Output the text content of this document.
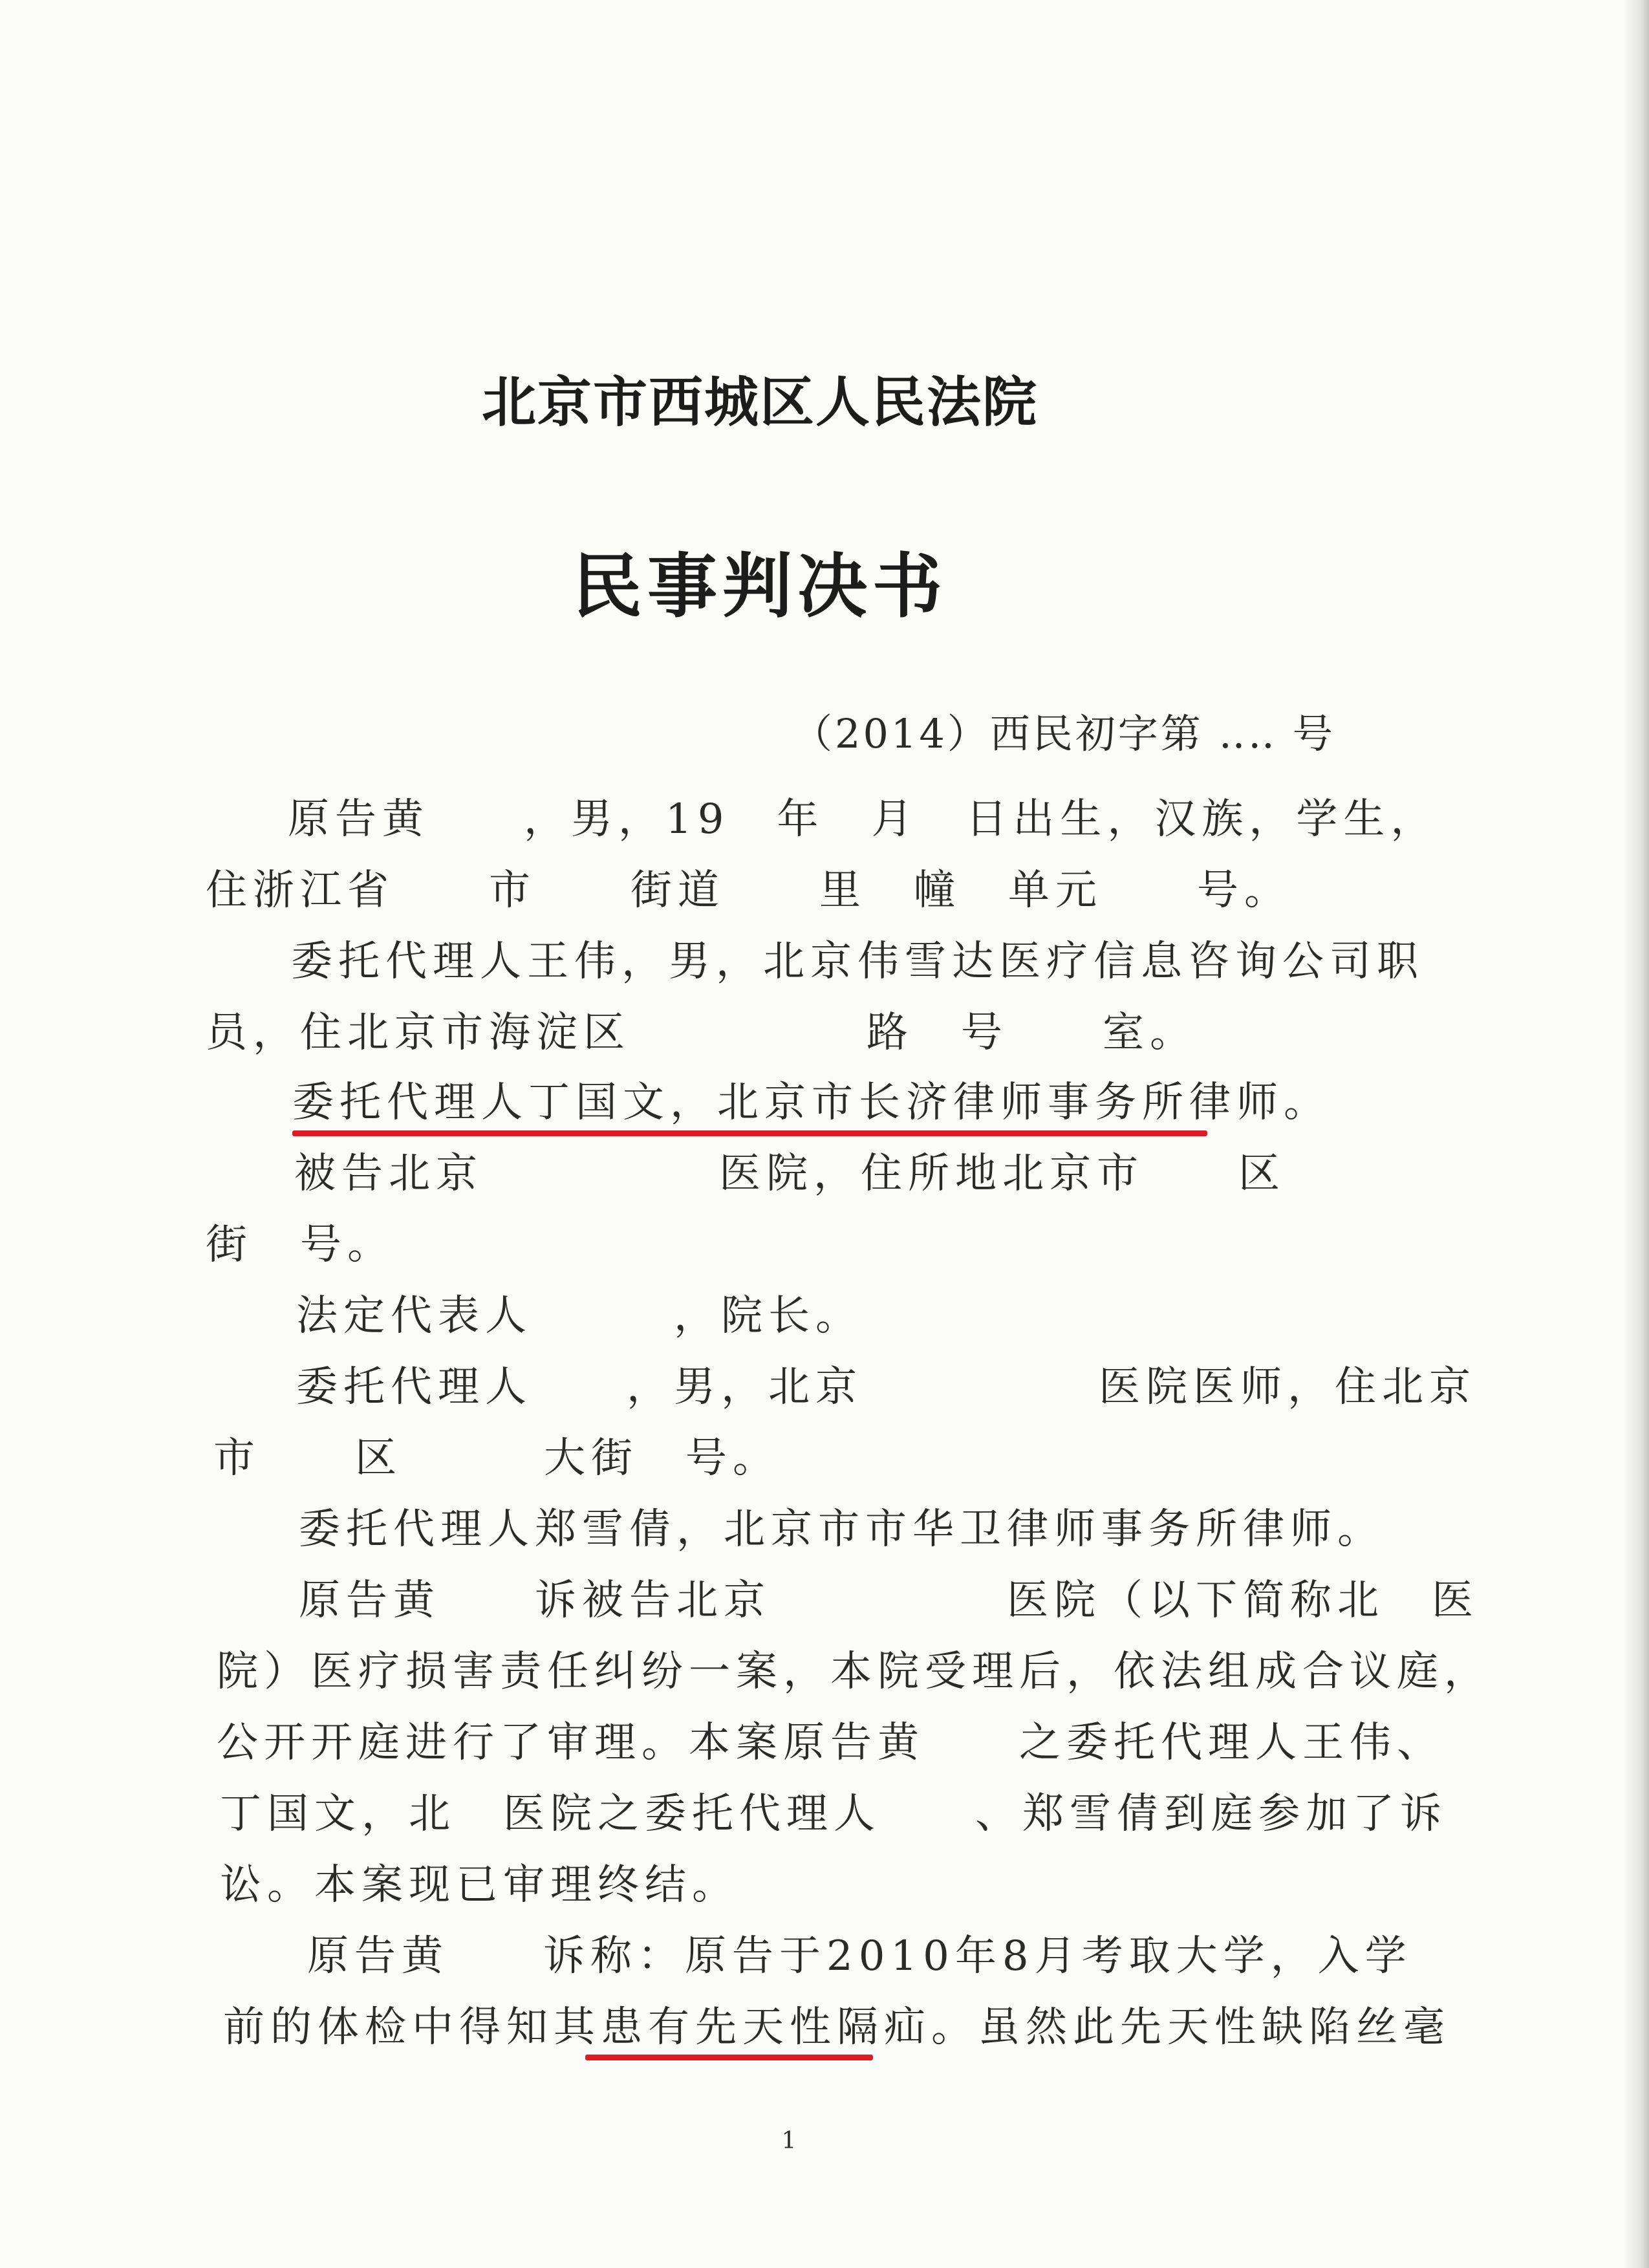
北京市西城区人民法院
民事判决书
（2014）西民初字第 ‥‥ 号
原告黄　　，男，19　年　月　日出生，汉族，学生，
住浙江省　　市　　街道　　里　幢　单元　　号。
委托代理人王伟，男，北京伟雪达医疗信息咨询公司职
员，住北京市海淀区　　　　　路　号　　室。
委托代理人丁国文，北京市长济律师事务所律师。
被告北京　　　　　医院，住所地北京市　　区
街　号。
法定代表人　　　，院长。
委托代理人　　，男，北京　　　　　医院医师，住北京
市　　区　　　大街　号。
委托代理人郑雪倩，北京市市华卫律师事务所律师。
原告黄　　诉被告北京　　　　　医院（以下简称北　医
院）医疗损害责任纠纷一案，本院受理后，依法组成合议庭，
公开开庭进行了审理。本案原告黄　　之委托代理人王伟、
丁国文，北　医院之委托代理人　　、郑雪倩到庭参加了诉
讼。本案现已审理终结。
原告黄　　诉称：原告于2010年8月考取大学，入学
前的体检中得知其患有先天性隔疝。虽然此先天性缺陷丝毫
1
